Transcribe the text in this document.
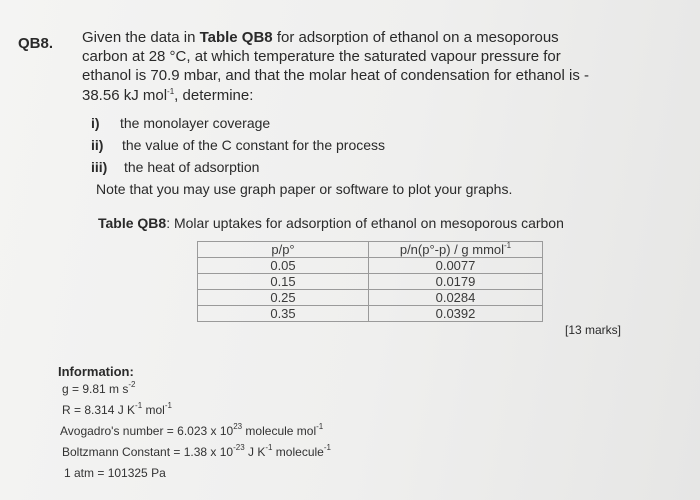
QB8. Given the data in Table QB8 for adsorption of ethanol on a mesoporous
carbon at 28 °C, at which temperature the saturated vapour pressure for
ethanol is 70.9 mbar, and that the molar heat of condensation for ethanol is -
38.56 kJ mol$^{-1}$, determine:
i) the monolayer coverage
ii) the value of the C constant for the process
iii) the heat of adsorption
Note that you may use graph paper or software to plot your graphs.
Table QB8: Molar uptakes for adsorption of ethanol on mesoporous carbon
p/p°	p/n(p°-p) / g mmol$^{-1}$
0.05	0.0077
0.15	0.0179
0.25	0.0284
0.35	0.0392
[13 marks]
Information:
g = 9.81 m $s^{-2}$
R = 8.314 J $K^{-1}$ mol$^{-1}$
Avogadro's number = 6.023 x $10^{23}$ molecule mol$^{-1}$
Boltzmann Constant = 1.38 x $10^{-23}$ J $K^{-1}$ molecule$^{-1}$
1 atm = 101325 Pa
